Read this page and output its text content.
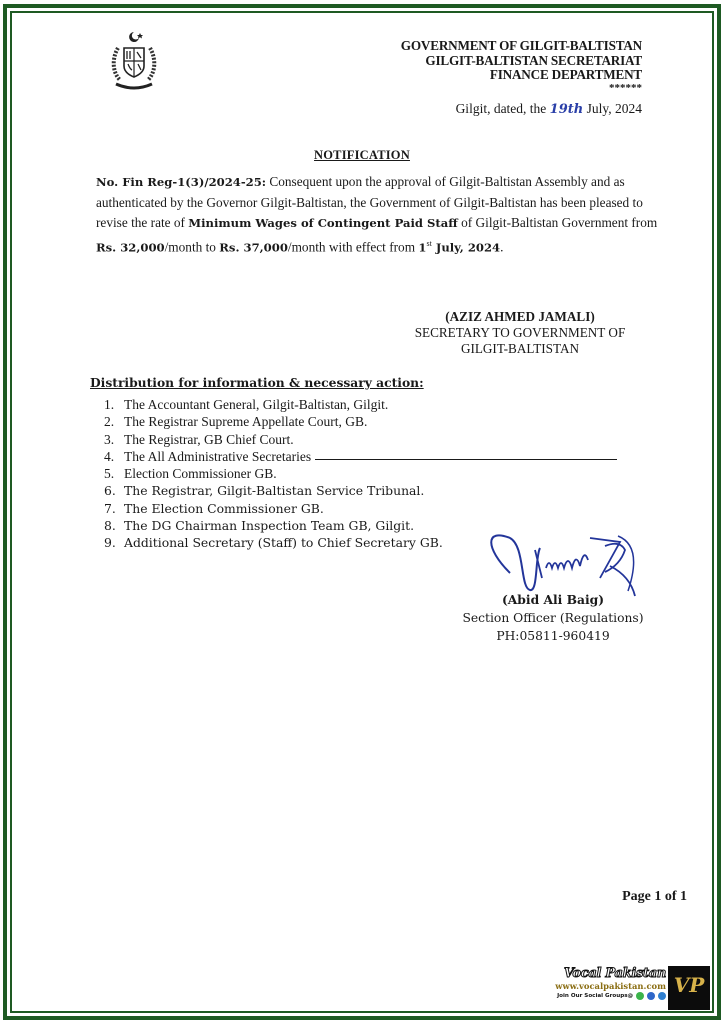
GOVERNMENT OF GILGIT-BALTISTAN
GILGIT-BALTISTAN SECRETARIAT
FINANCE DEPARTMENT
******
Gilgit, dated, the 19th July, 2024
NOTIFICATION
No. Fin Reg-1(3)/2024-25: Consequent upon the approval of Gilgit-Baltistan Assembly and as authenticated by the Governor Gilgit-Baltistan, the Government of Gilgit-Baltistan has been pleased to revise the rate of Minimum Wages of Contingent Paid Staff of Gilgit-Baltistan Government from Rs. 32,000/month to Rs. 37,000/month with effect from 1st July, 2024.
(AZIZ AHMED JAMALI)
SECRETARY TO GOVERNMENT OF
GILGIT-BALTISTAN
Distribution for information & necessary action:
1. The Accountant General, Gilgit-Baltistan, Gilgit.
2. The Registrar Supreme Appellate Court, GB.
3. The Registrar, GB Chief Court.
4. The All Administrative Secretaries
5. Election Commissioner GB.
6. The Registrar, Gilgit-Baltistan Service Tribunal.
7. The Election Commissioner GB.
8. The DG Chairman Inspection Team GB, Gilgit.
9. Additional Secretary (Staff) to Chief Secretary GB.
(Abid Ali Baig)
Section Officer (Regulations)
PH:05811-960419
Page 1 of 1
Vocal Pakistan
www.vocalpakistan.com
Join Our Social Groups@	VP
